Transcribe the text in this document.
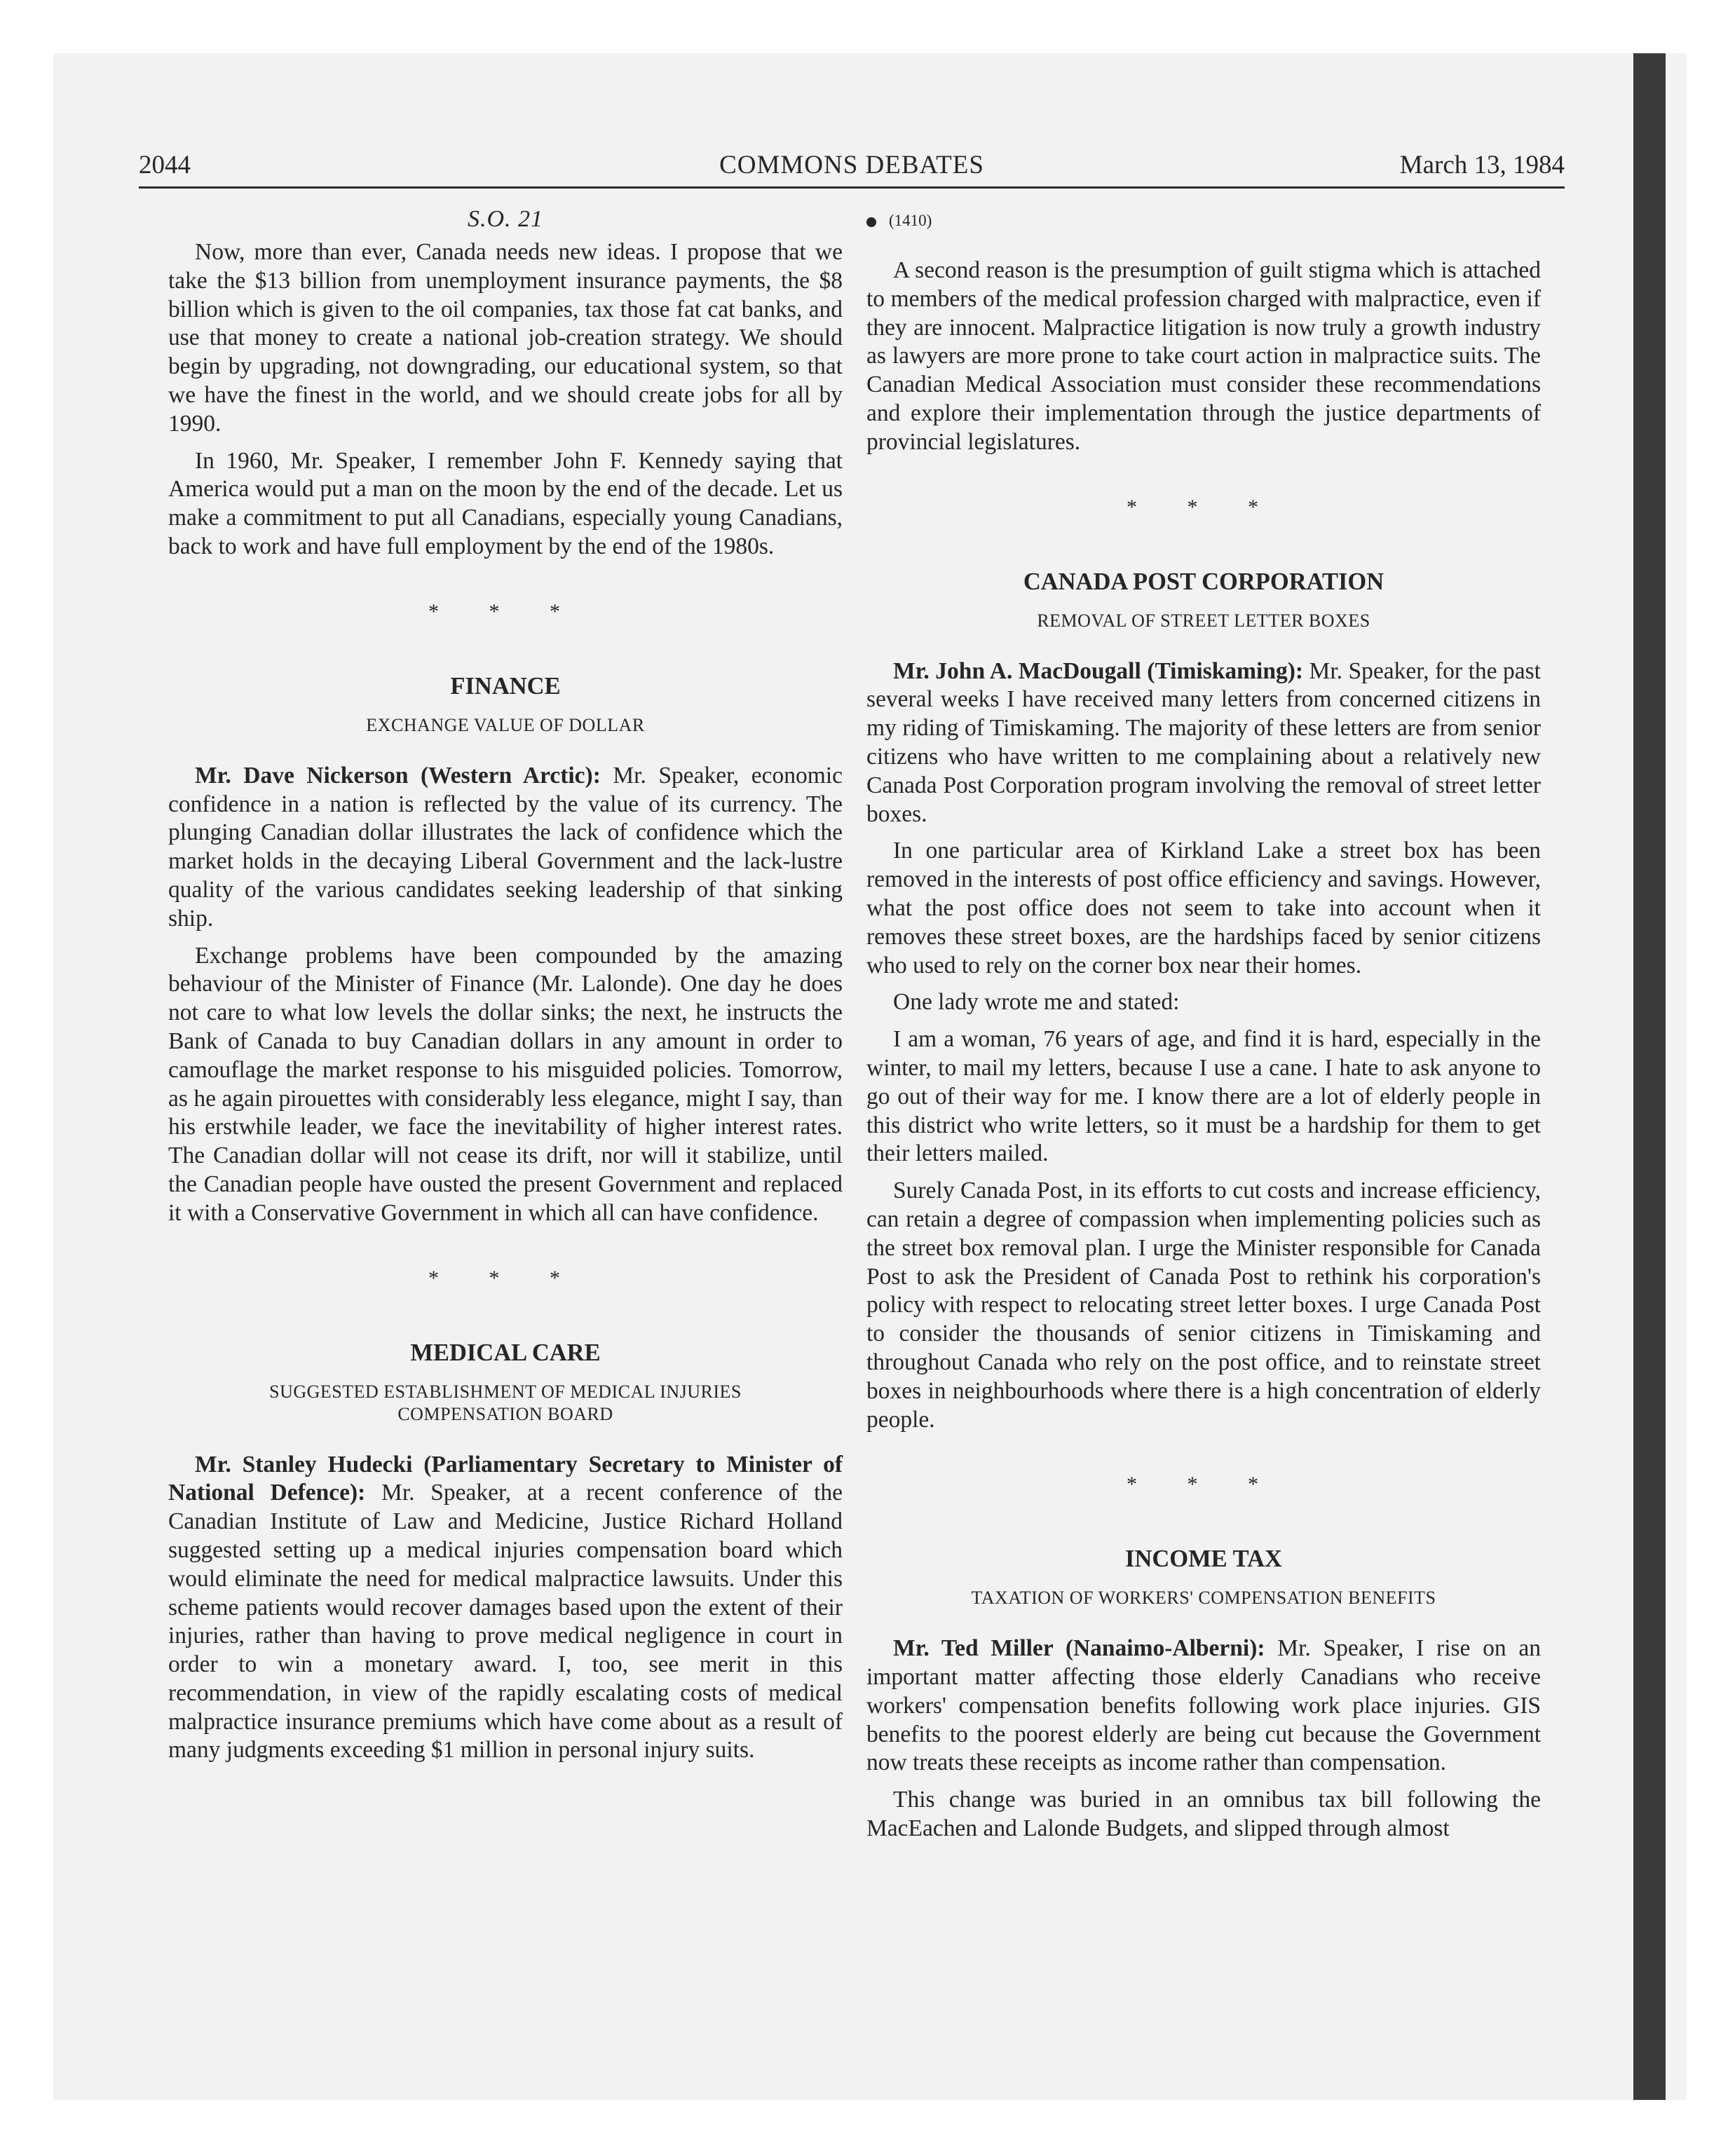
2044	COMMONS DEBATES	March 13, 1984
S.O. 21

Now, more than ever, Canada needs new ideas. I propose that we take the $13 billion from unemployment insurance payments, the $8 billion which is given to the oil companies, tax those fat cat banks, and use that money to create a national job-creation strategy. We should begin by upgrading, not downgrading, our educational system, so that we have the finest in the world, and we should create jobs for all by 1990.

In 1960, Mr. Speaker, I remember John F. Kennedy saying that America would put a man on the moon by the end of the decade. Let us make a commitment to put all Canadians, especially young Canadians, back to work and have full employment by the end of the 1980s.

* * *
FINANCE
EXCHANGE VALUE OF DOLLAR

Mr. Dave Nickerson (Western Arctic): Mr. Speaker, economic confidence in a nation is reflected by the value of its currency. The plunging Canadian dollar illustrates the lack of confidence which the market holds in the decaying Liberal Government and the lack-lustre quality of the various candidates seeking leadership of that sinking ship.

Exchange problems have been compounded by the amazing behaviour of the Minister of Finance (Mr. Lalonde). One day he does not care to what low levels the dollar sinks; the next, he instructs the Bank of Canada to buy Canadian dollars in any amount in order to camouflage the market response to his misguided policies. Tomorrow, as he again pirouettes with considerably less elegance, might I say, than his erstwhile leader, we face the inevitability of higher interest rates. The Canadian dollar will not cease its drift, nor will it stabilize, until the Canadian people have ousted the present Government and replaced it with a Conservative Government in which all can have confidence.

* * *
MEDICAL CARE
SUGGESTED ESTABLISHMENT OF MEDICAL INJURIES COMPENSATION BOARD

Mr. Stanley Hudecki (Parliamentary Secretary to Minister of National Defence): Mr. Speaker, at a recent conference of the Canadian Institute of Law and Medicine, Justice Richard Holland suggested setting up a medical injuries compensation board which would eliminate the need for medical malpractice lawsuits. Under this scheme patients would recover damages based upon the extent of their injuries, rather than having to prove medical negligence in court in order to win a monetary award. I, too, see merit in this recommendation, in view of the rapidly escalating costs of medical malpractice insurance premiums which have come about as a result of many judgments exceeding $1 million in personal injury suits.

(1410)

A second reason is the presumption of guilt stigma which is attached to members of the medical profession charged with malpractice, even if they are innocent. Malpractice litigation is now truly a growth industry as lawyers are more prone to take court action in malpractice suits. The Canadian Medical Association must consider these recommendations and explore their implementation through the justice departments of provincial legislatures.

* * *
CANADA POST CORPORATION
REMOVAL OF STREET LETTER BOXES

Mr. John A. MacDougall (Timiskaming): Mr. Speaker, for the past several weeks I have received many letters from concerned citizens in my riding of Timiskaming. The majority of these letters are from senior citizens who have written to me complaining about a relatively new Canada Post Corporation program involving the removal of street letter boxes.

In one particular area of Kirkland Lake a street box has been removed in the interests of post office efficiency and savings. However, what the post office does not seem to take into account when it removes these street boxes, are the hardships faced by senior citizens who used to rely on the corner box near their homes.

One lady wrote me and stated:

I am a woman, 76 years of age, and find it is hard, especially in the winter, to mail my letters, because I use a cane. I hate to ask anyone to go out of their way for me. I know there are a lot of elderly people in this district who write letters, so it must be a hardship for them to get their letters mailed.

Surely Canada Post, in its efforts to cut costs and increase efficiency, can retain a degree of compassion when implementing policies such as the street box removal plan. I urge the Minister responsible for Canada Post to ask the President of Canada Post to rethink his corporation's policy with respect to relocating street letter boxes. I urge Canada Post to consider the thousands of senior citizens in Timiskaming and throughout Canada who rely on the post office, and to reinstate street boxes in neighbourhoods where there is a high concentration of elderly people.

* * *
INCOME TAX
TAXATION OF WORKERS' COMPENSATION BENEFITS

Mr. Ted Miller (Nanaimo-Alberni): Mr. Speaker, I rise on an important matter affecting those elderly Canadians who receive workers' compensation benefits following work place injuries. GIS benefits to the poorest elderly are being cut because the Government now treats these receipts as income rather than compensation.

This change was buried in an omnibus tax bill following the MacEachen and Lalonde Budgets, and slipped through almost
